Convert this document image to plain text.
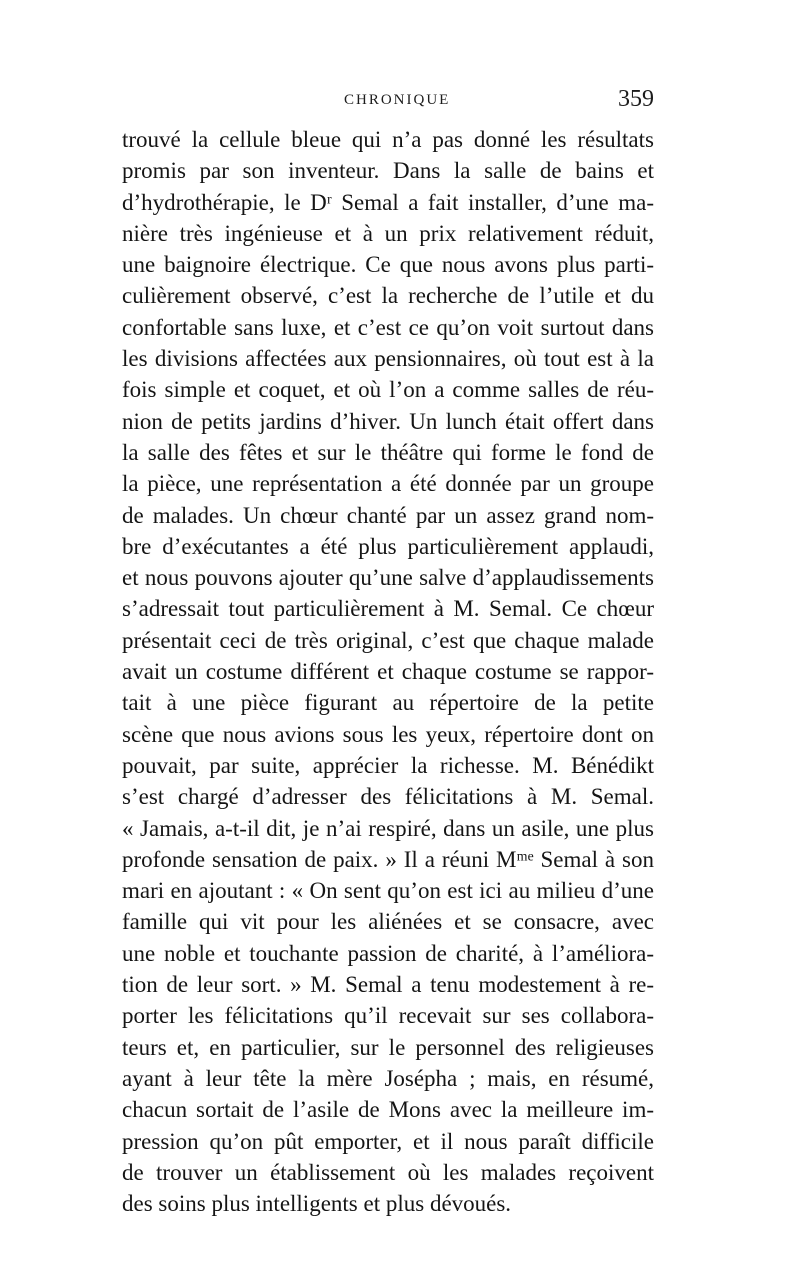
CHRONIQUE	359
trouvé la cellule bleue qui n’a pas donné les résultats
promis par son inventeur. Dans la salle de bains et
d’hydrothérapie, le Dʳ Semal a fait installer, d’une ma-
nière très ingénieuse et à un prix relativement réduit,
une baignoire électrique. Ce que nous avons plus parti-
culièrement observé, c’est la recherche de l’utile et du
confortable sans luxe, et c’est ce qu’on voit surtout dans
les divisions affectées aux pensionnaires, où tout est à la
fois simple et coquet, et où l’on a comme salles de réu-
nion de petits jardins d’hiver. Un lunch était offert dans
la salle des fêtes et sur le théâtre qui forme le fond de
la pièce, une représentation a été donnée par un groupe
de malades. Un chœur chanté par un assez grand nom-
bre d’exécutantes a été plus particulièrement applaudi,
et nous pouvons ajouter qu’une salve d’applaudissements
s’adressait tout particulièrement à M. Semal. Ce chœur
présentait ceci de très original, c’est que chaque malade
avait un costume différent et chaque costume se rappor-
tait à une pièce figurant au répertoire de la petite
scène que nous avions sous les yeux, répertoire dont on
pouvait, par suite, apprécier la richesse. M. Bénédikt
s’est chargé d’adresser des félicitations à M. Semal.
« Jamais, a-t-il dit, je n’ai respiré, dans un asile, une plus
profonde sensation de paix. » Il a réuni Mᵐᵉ Semal à son
mari en ajoutant : « On sent qu’on est ici au milieu d’une
famille qui vit pour les aliénées et se consacre, avec
une noble et touchante passion de charité, à l’améliora-
tion de leur sort. » M. Semal a tenu modestement à re-
porter les félicitations qu’il recevait sur ses collabora-
teurs et, en particulier, sur le personnel des religieuses
ayant à leur tête la mère Josépha ; mais, en résumé,
chacun sortait de l’asile de Mons avec la meilleure im-
pression qu’on pût emporter, et il nous paraît difficile
de trouver un établissement où les malades reçoivent
des soins plus intelligents et plus dévoués.
